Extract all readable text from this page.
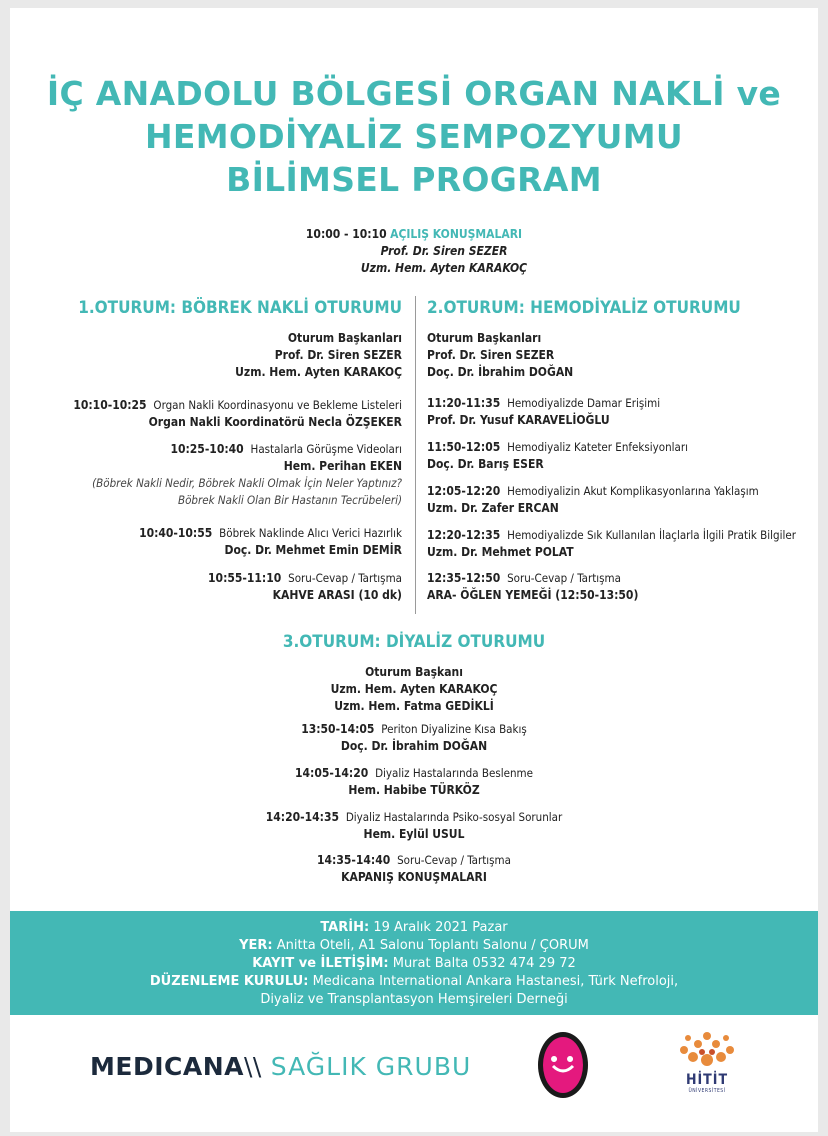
İÇ ANADOLU BÖLGESİ ORGAN NAKLİ ve
HEMODİYALİZ SEMPOZYUMU
BİLİMSEL PROGRAM
10:00 - 10:10 AÇILIŞ KONUŞMALARI
Prof. Dr. Siren SEZER
Uzm. Hem. Ayten KARAKOÇ
1.OTURUM: BÖBREK NAKLİ OTURUMU 2.OTURUM: HEMODİYALİZ OTURUMU
Oturum Başkanları
Prof. Dr. Siren SEZER
Uzm. Hem. Ayten KARAKOÇ
10:10-10:25 Organ Nakli Koordinasyonu ve Bekleme Listeleri
Organ Nakli Koordinatörü Necla ÖZŞEKER
10:25-10:40 Hastalarla Görüşme Videoları
Hem. Perihan EKEN
(Böbrek Nakli Nedir, Böbrek Nakli Olmak İçin Neler Yaptınız?
Böbrek Nakli Olan Bir Hastanın Tecrübeleri)
10:40-10:55 Böbrek Naklinde Alıcı Verici Hazırlık
Doç. Dr. Mehmet Emin DEMİR
10:55-11:10 Soru-Cevap / Tartışma
KAHVE ARASI (10 dk)
Oturum Başkanları
Prof. Dr. Siren SEZER
Doç. Dr. İbrahim DOĞAN
11:20-11:35 Hemodiyalizde Damar Erişimi
Prof. Dr. Yusuf KARAVELİOĞLU
11:50-12:05 Hemodiyaliz Kateter Enfeksiyonları
Doç. Dr. Barış ESER
12:05-12:20 Hemodiyalizin Akut Komplikasyonlarına Yaklaşım
Uzm. Dr. Zafer ERCAN
12:20-12:35 Hemodiyalizde Sık Kullanılan İlaçlarla İlgili Pratik Bilgiler
Uzm. Dr. Mehmet POLAT
12:35-12:50 Soru-Cevap / Tartışma
ARA- ÖĞLEN YEMEĞİ (12:50-13:50)
3.OTURUM: DİYALİZ OTURUMU
Oturum Başkanı
Uzm. Hem. Ayten KARAKOÇ
Uzm. Hem. Fatma GEDİKLİ
13:50-14:05 Periton Diyalizine Kısa Bakış
Doç. Dr. İbrahim DOĞAN
14:05-14:20 Diyaliz Hastalarında Beslenme
Hem. Habibe TÜRKÖZ
14:20-14:35 Diyaliz Hastalarında Psiko-sosyal Sorunlar
Hem. Eylül USUL
14:35-14:40 Soru-Cevap / Tartışma
KAPANIŞ KONUŞMALARI
TARİH: 19 Aralık 2021 Pazar
YER: Anitta Oteli, A1 Salonu Toplantı Salonu / ÇORUM
KAYIT ve İLETİŞİM: Murat Balta 0532 474 29 72
DÜZENLEME KURULU: Medicana International Ankara Hastanesi, Türk Nefroloji,
Diyaliz ve Transplantasyon Hemşireleri Derneği
MEDICANA\\ SAĞLIK GRUBU	HİTİT
ÜNİVERSİTESİ
